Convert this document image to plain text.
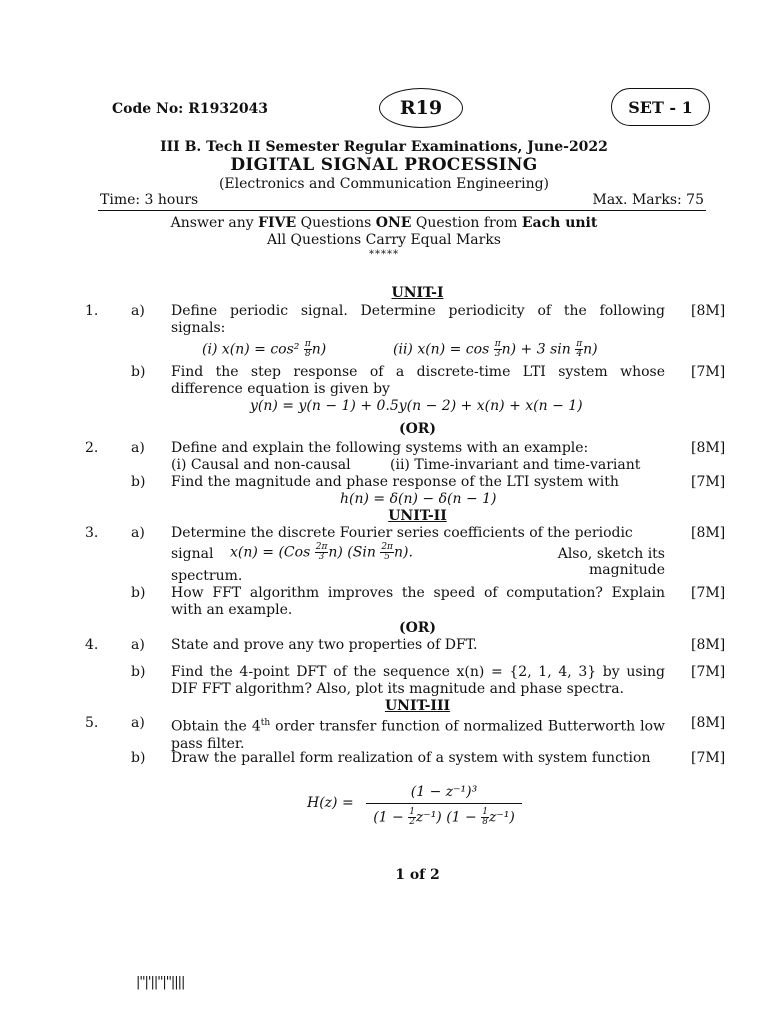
Code No: R1932043	R19	SET - 1
III B. Tech II Semester Regular Examinations, June-2022
DIGITAL SIGNAL PROCESSING
(Electronics and Communication Engineering)
Time: 3 hours	Max. Marks: 75
Answer any FIVE Questions ONE Question from Each unit
All Questions Carry Equal Marks
*****
UNIT-I
1. a) Define periodic signal. Determine periodicity of the following signals:
[8M]
(i) $x(n) = \cos^2 \frac{\pi}{8} n$)	(ii) $x(n) = \cos \frac{\pi}{3} n) + 3$ $\sin \frac{\pi}{4} n$)
b) Find the step response of a discrete-time LTI system whose difference equation is given by
[7M]
y(n) = y(n − 1) + 0.5y(n − 2) + x(n) + x(n − 1)
(OR)
2. a) Define and explain the following systems with an example:	[8M]
(i) Causal and non-causal	(ii) Time-invariant and time-variant
b) Find the magnitude and phase response of the LTI system with	[7M]
h(n) = δ(n) − δ(n − 1)
UNIT-II
3. a) Determine the discrete Fourier series coefficients of the periodic	[8M]
signal $x(n) = (Cos \frac{2\pi}{3} n)$ $(Sin \frac{2\pi}{5} n)$.	Also, sketch its magnitude
spectrum.
b) How FFT algorithm improves the speed of computation? Explain with an example.
[7M]
(OR)
4. a) State and prove any two properties of DFT.	[8M]
b) Find the 4-point DFT of the sequence x(n) = {2, 1, 4, 3} by using DIF FFT algorithm? Also, plot its magnitude and phase spectra.
[7M]
UNIT-III
5. a) Obtain the 4th order transfer function of normalized Butterworth low pass filter.
[8M]
b) Draw the parallel form realization of a system with system function	[7M]
H(z) =
(1 − z⁻¹)³
$(1 - \frac{1}{2} z^{-1})$ $(1 - \frac{1}{8} z^{-1})$
1 of 2
|''|'||''|''||||
